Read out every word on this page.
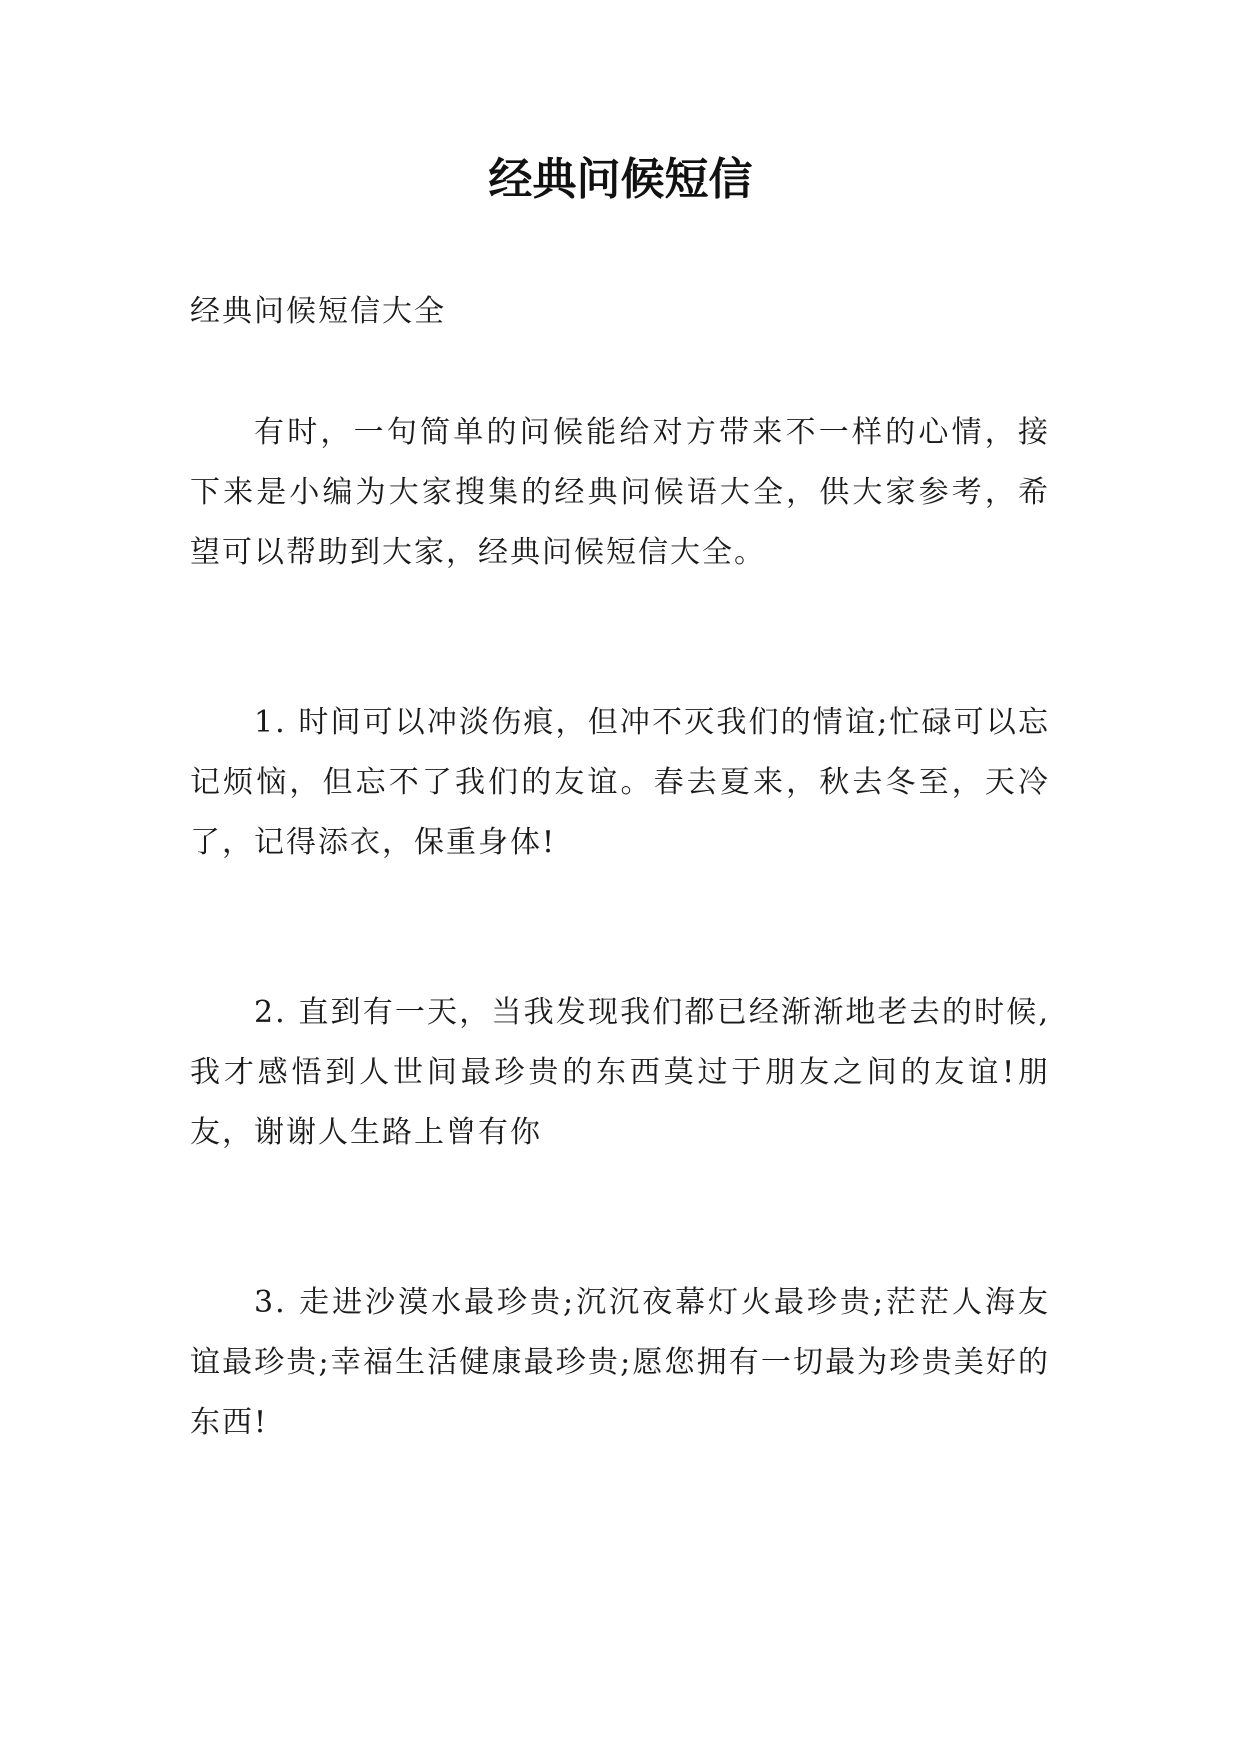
经典问候短信

经典问候短信大全

有时，一句简单的问候能给对方带来不一样的心情，接下来是小编为大家搜集的经典问候语大全，供大家参考，希望可以帮助到大家，经典问候短信大全。

1. 时间可以冲淡伤痕，但冲不灭我们的情谊;忙碌可以忘记烦恼，但忘不了我们的友谊。春去夏来，秋去冬至，天冷了，记得添衣，保重身体!

2. 直到有一天，当我发现我们都已经渐渐地老去的时候,我才感悟到人世间最珍贵的东西莫过于朋友之间的友谊!朋友，谢谢人生路上曾有你

3. 走进沙漠水最珍贵;沉沉夜幕灯火最珍贵;茫茫人海友谊最珍贵;幸福生活健康最珍贵;愿您拥有一切最为珍贵美好的东西!
